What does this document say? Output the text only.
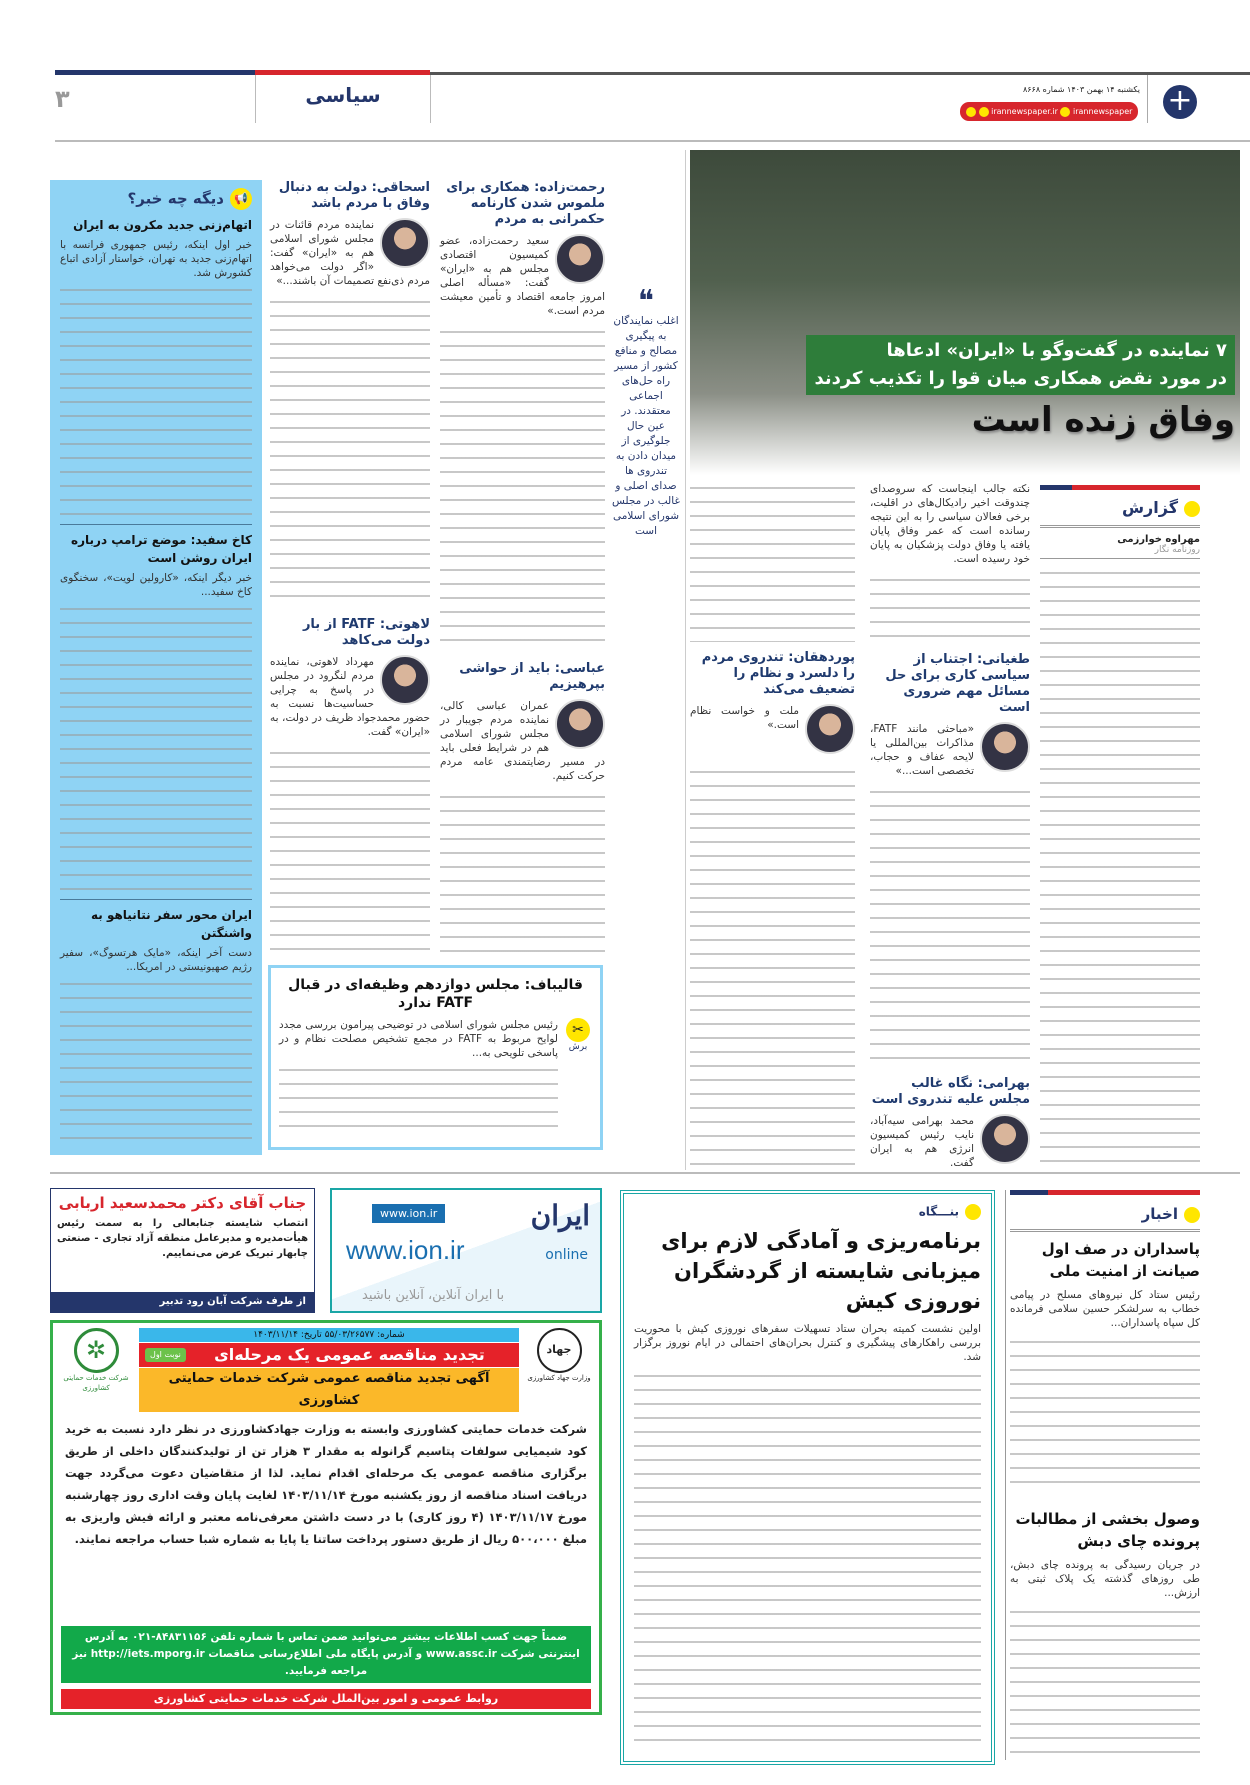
۳	سیاسی	+
یکشنبه ۱۴ بهمن ۱۴۰۳ شماره ۸۶۶۸
irannewspaper.ir irannewspaper
۷ نماینده در گفت‌وگو با «ایران» ادعاها
در مورد نقض همکاری میان قوا را تکذیب کردند
وفاق زنده است
❝
اغلب نمایندگان به پیگیری مصالح و منافع کشور از مسیر راه حل‌های اجماعی معتقدند. در عین حال جلوگیری از میدان دادن به تندروی ها صدای اصلی و غالب در مجلس شورای اسلامی است
گزارش
مهراوه خوارزمی
روزنامه نگار

نکته جالب اینجاست که سروصدای چندوقت اخیر رادیکال‌های در اقلیت، برخی فعالان سیاسی را به این نتیجه رسانده است که عمر وفاق پایان یافته یا وفاق دولت پزشکیان به پایان خود رسیده است.

طغیانی: اجتناب از سیاسی کاری برای حل مسائل مهم ضروری است

«مباحثی مانند FATF، مذاکرات بین‌المللی یا لایحه عفاف و حجاب، تخصصی است...»

بهرامی: نگاه غالب مجلس علیه تندروی است

محمد بهرامی سیه‌آباد، نایب رئیس کمیسیون انرژی هم به ایران گفت.

پوردهقان: تندروی مردم را دلسرد و نظام را تضعیف می‌کند

ملت و خواست نظام است.»

رحمت‌زاده: همکاری برای ملموس شدن کارنامه حکمرانی به مردم

سعید رحمت‌زاده، عضو کمیسیون اقتصادی مجلس هم به «ایران» گفت: «مسأله اصلی امروز جامعه اقتصاد و تأمین معیشت مردم است.»

عباسی: باید از حواشی بپرهیزیم

عمران عباسی کالی، نماینده مردم جویبار در مجلس شورای اسلامی هم در شرایط فعلی باید در مسیر رضایتمندی عامه مردم حرکت کنیم.

اسحاقی: دولت به دنبال وفاق با مردم باشد

نماینده مردم قائنات در مجلس شورای اسلامی هم به «ایران» گفت: «اگر دولت می‌خواهد مردم ذی‌نفع تصمیمات آن باشند...»

لاهوتی: FATF از بار دولت می‌کاهد

مهرداد لاهوتی، نماینده مردم لنگرود در مجلس در پاسخ به چرایی حساسیت‌ها نسبت به حضور محمدجواد ظریف در دولت، به «ایران» گفت.

قالیباف: مجلس دوازدهم وظیفه‌ای در قبال FATF ندارد
✂
برش

رئیس مجلس شورای اسلامی در توضیحی پیرامون بررسی مجدد لوایح مربوط به FATF در مجمع تشخیص مصلحت نظام و در پاسخی تلویحی به...

📢دیگه چه خبر؟
اتهام‌زنی جدید مکرون به ایران

خبر اول اینکه، رئیس جمهوری فرانسه با اتهام‌زنی جدید به تهران، خواستار آزادی اتباع کشورش شد.

کاخ سفید: موضع ترامپ درباره ایران روشن است

خبر دیگر اینکه، «کارولین لویت»، سخنگوی کاخ سفید...

ایران محور سفر نتانیاهو به واشنگتن

دست آخر اینکه، «مایک هرتسوگ»، سفیر رژیم صهیونیستی در امریکا...

اخبار
پاسداران در صف اول صیانت از امنیت ملی

رئیس ستاد کل نیروهای مسلح در پیامی خطاب به سرلشکر حسین سلامی فرمانده کل سپاه پاسداران...

وصول بخشی از مطالبات پرونده چای دبش

در جریان رسیدگی به پرونده چای دبش، طی روزهای گذشته یک پلاک ثبتی به ارزش...

بنـــگاه
برنامه‌ریزی و آمادگی لازم برای میزبانی شایسته از گردشگران نوروزی کیش

اولین نشست کمیته بحران ستاد تسهیلات سفرهای نوروزی کیش با محوریت بررسی راهکارهای پیشگیری و کنترل بحران‌های احتمالی در ایام نوروز برگزار شد.

جناب آقای دکتر محمدسعید اربابی
انتصاب شایسته جنابعالی را به سمت رئیس هیأت‌مدیره و مدیرعامل منطقه آزاد تجاری - صنعتی چابهار تبریک عرض می‌نماییم.
از طرف شرکت آبان رود تدبیر
ایران
online
www.ion.ir
www.ion.ir
با ایران آنلاین، آنلاین باشید
جهاد
وزارت جهاد کشاورزی
شماره: ۵۵/۰۳/۲۶۵۷۷ تاریخ: ۱۴۰۳/۱۱/۱۴
تجدید مناقصه عمومی یک مرحله‌ای
نوبت اول
آگهی تجدید مناقصه عمومی شرکت خدمات حمایتی کشاورزی
✲
شرکت خدمات حمایتی کشاورزی
شرکت خدمات حمایتی کشاورزی وابسته به وزارت جهادکشاورزی در نظر دارد نسبت به خرید کود شیمیایی سولفات پتاسیم گرانوله به مقدار ۳ هزار تن از تولیدکنندگان داخلی از طریق برگزاری مناقصه عمومی یک مرحله‌ای اقدام نماید. لذا از متقاضیان دعوت می‌گردد جهت دریافت اسناد مناقصه از روز یکشنبه مورخ ۱۴۰۳/۱۱/۱۴ لغایت پایان وقت اداری روز چهارشنبه مورخ ۱۴۰۳/۱۱/۱۷ (۴ روز کاری) با در دست داشتن معرفی‌نامه معتبر و ارائه فیش واریزی به مبلغ ۵۰۰،۰۰۰ ریال از طریق دستور پرداخت ساتنا یا پایا به شماره شبا حساب مراجعه نمایند.
ضمناً جهت کسب اطلاعات بیشتر می‌توانید ضمن تماس با شماره تلفن ۸۴۸۳۱۱۵۶-۰۲۱ به آدرس اینترنتی شرکت www.assc.ir و آدرس پایگاه ملی اطلاع‌رسانی مناقصات http://iets.mporg.ir نیز مراجعه فرمایید.
روابط عمومی و امور بین‌الملل شرکت خدمات حمایتی کشاورزی
